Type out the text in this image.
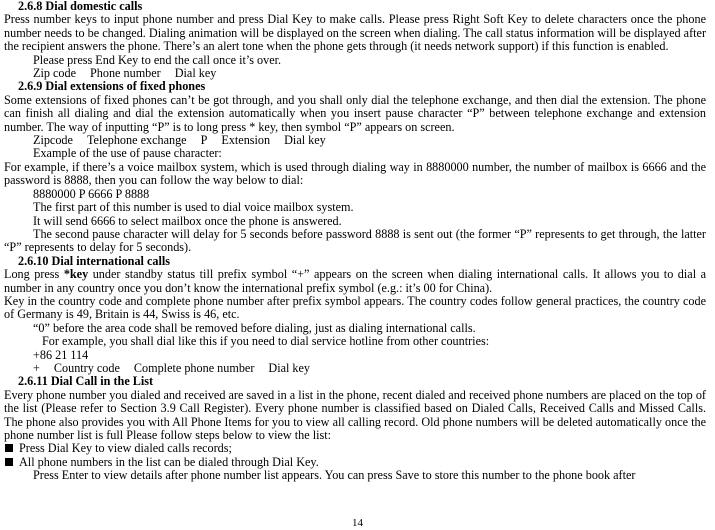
2.6.8 Dial domestic calls
Press number keys to input phone number and press Dial Key to make calls. Please press Right Soft Key to delete characters once the phone number needs to be changed. Dialing animation will be displayed on the screen when dialing. The call status information will be displayed after the recipient answers the phone. There’s an alert tone when the phone gets through (it needs network support) if this function is enabled.
Please press End Key to end the call once it’s over.
Zip code Phone number Dial key
2.6.9 Dial extensions of fixed phones
Some extensions of fixed phones can’t be got through, and you shall only dial the telephone exchange, and then dial the extension. The phone can finish all dialing and dial the extension automatically when you insert pause character “P” between telephone exchange and extension number. The way of inputting “P” is to long press * key, then symbol “P” appears on screen.
Zipcode Telephone exchange P Extension Dial key
Example of the use of pause character:
For example, if there’s a voice mailbox system, which is used through dialing way in 8880000 number, the number of mailbox is 6666 and the password is 8888, then you can follow the way below to dial:
8880000 P 6666 P 8888
The first part of this number is used to dial voice mailbox system.
It will send 6666 to select mailbox once the phone is answered.
The second pause character will delay for 5 seconds before password 8888 is sent out (the former “P” represents to get through, the latter “P” represents to delay for 5 seconds).
2.6.10 Dial international calls
Long press *key under standby status till prefix symbol “+” appears on the screen when dialing international calls. It allows you to dial a number in any country once you don’t know the international prefix symbol (e.g.: it’s 00 for China).
Key in the country code and complete phone number after prefix symbol appears. The country codes follow general practices, the country code of Germany is 49, Britain is 44, Swiss is 46, etc.
“0” before the area code shall be removed before dialing, just as dialing international calls.
For example, you shall dial like this if you need to dial service hotline from other countries:
+86 21 114
+ Country code Complete phone number Dial key
2.6.11 Dial Call in the List
Every phone number you dialed and received are saved in a list in the phone, recent dialed and received phone numbers are placed on the top of the list (Please refer to Section 3.9 Call Register). Every phone number is classified based on Dialed Calls, Received Calls and Missed Calls. The phone also provides you with All Phone Items for you to view all calling record. Old phone numbers will be deleted automatically once the phone number list is full Please follow steps below to view the list:
Press Dial Key to view dialed calls records;
All phone numbers in the list can be dialed through Dial Key.
Press Enter to view details after phone number list appears. You can press Save to store this number to the phone book after
14
